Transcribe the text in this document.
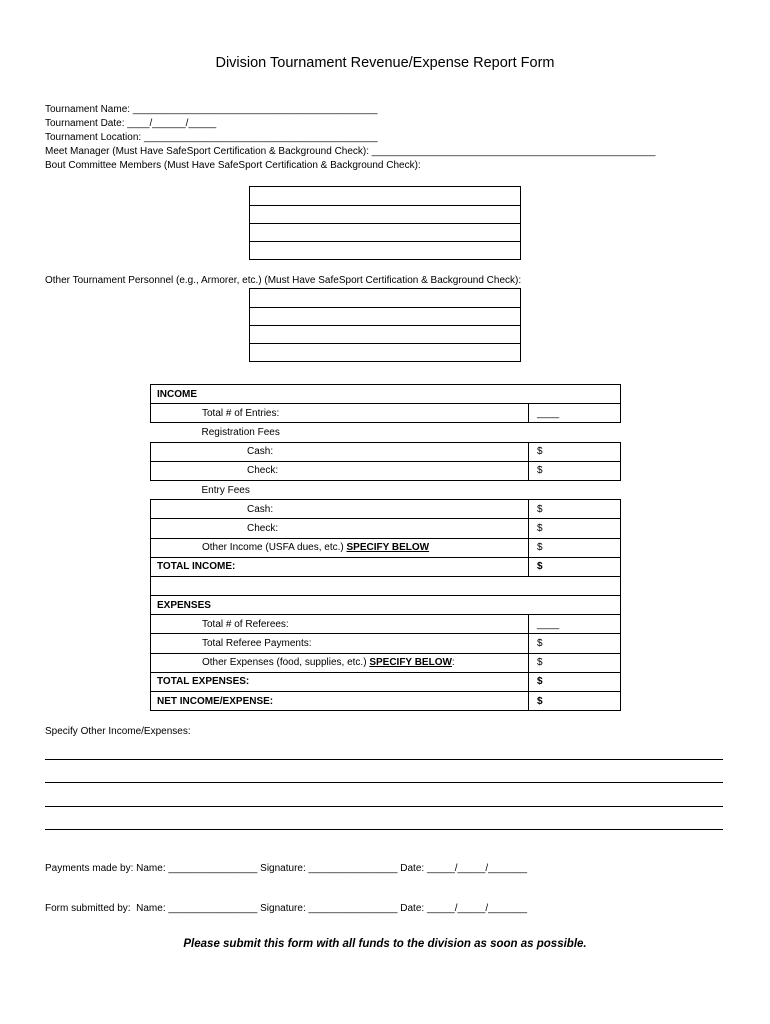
Division Tournament Revenue/Expense Report Form
Tournament Name: ____________________________________________
Tournament Date: ____/______/_____
Tournament Location: __________________________________________
Meet Manager (Must Have SafeSport Certification & Background Check): ___________________________________________________
Bout Committee Members (Must Have SafeSport Certification & Background Check):

Other Tournament Personnel (e.g., Armorer, etc.) (Must Have SafeSport Certification & Background Check):

INCOME	
Total # of Entries:	____
Registration Fees	
Cash:	$
Check:	$
Entry Fees	
Cash:	$
Check:	$
Other Income (USFA dues, etc.) SPECIFY BELOW	$
TOTAL INCOME:	$

EXPENSES	
Total # of Referees:	____
Total Referee Payments:	$
Other Expenses (food, supplies, etc.) SPECIFY BELOW:	$
TOTAL EXPENSES:	$
NET INCOME/EXPENSE:	$
Specify Other Income/Expenses:
Payments made by: Name: ________________ Signature: ________________ Date: _____/_____/_______
Form submitted by:  Name: ________________ Signature: ________________ Date: _____/_____/_______
Please submit this form with all funds to the division as soon as possible.
